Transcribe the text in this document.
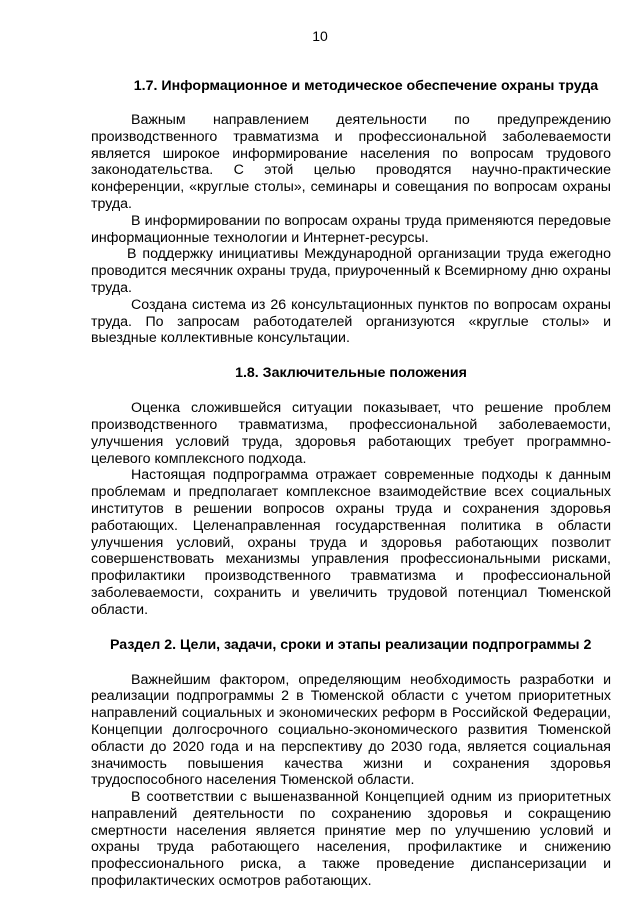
10
1.7. Информационное и методическое обеспечение охраны труда

Важным направлением деятельности по предупреждению производственного травматизма и профессиональной заболеваемости является широкое информирование населения по вопросам трудового законодательства. С этой целью проводятся научно-практические конференции, «круглые столы», семинары и совещания по вопросам охраны труда.

В информировании по вопросам охраны труда применяются передовые информационные технологии и Интернет-ресурсы.

В поддержку инициативы Международной организации труда ежегодно проводится месячник охраны труда, приуроченный к Всемирному дню охраны труда.

Создана система из 26 консультационных пунктов по вопросам охраны труда. По запросам работодателей организуются «круглые столы» и выездные коллективные консультации.

1.8. Заключительные положения

Оценка сложившейся ситуации показывает, что решение проблем производственного травматизма, профессиональной заболеваемости, улучшения условий труда, здоровья работающих требует программно-целевого комплексного подхода.

Настоящая подпрограмма отражает современные подходы к данным проблемам и предполагает комплексное взаимодействие всех социальных институтов в решении вопросов охраны труда и сохранения здоровья работающих. Целенаправленная государственная политика в области улучшения условий, охраны труда и здоровья работающих позволит совершенствовать механизмы управления профессиональными рисками, профилактики производственного травматизма и профессиональной заболеваемости, сохранить и увеличить трудовой потенциал Тюменской области.

Раздел 2. Цели, задачи, сроки и этапы реализации подпрограммы 2

Важнейшим фактором, определяющим необходимость разработки и реализации подпрограммы 2 в Тюменской области с учетом приоритетных направлений социальных и экономических реформ в Российской Федерации, Концепции долгосрочного социально-экономического развития Тюменской области до 2020 года и на перспективу до 2030 года, является социальная значимость повышения качества жизни и сохранения здоровья трудоспособного населения Тюменской области.

В соответствии с вышеназванной Концепцией одним из приоритетных направлений деятельности по сохранению здоровья и сокращению смертности населения является принятие мер по улучшению условий и охраны труда работающего населения, профилактике и снижению профессионального риска, а также проведение диспансеризации и профилактических осмотров работающих.
